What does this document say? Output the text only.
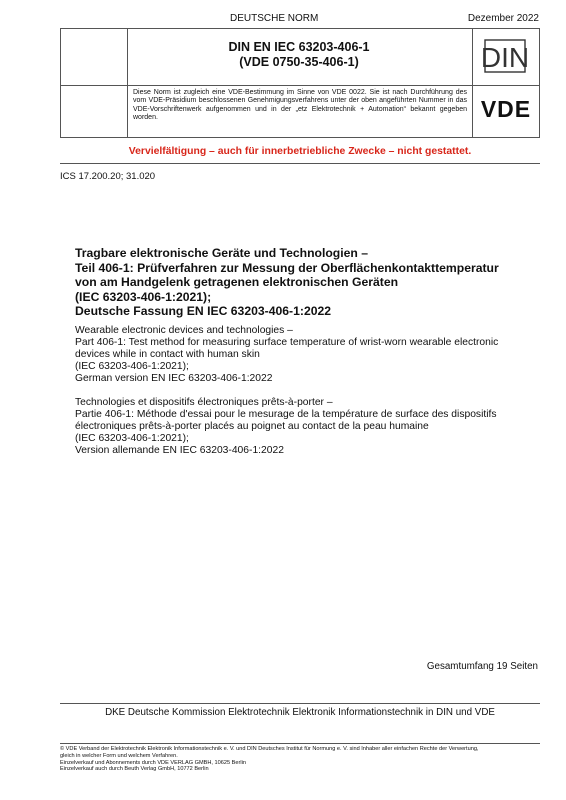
DEUTSCHE NORM	Dezember 2022
DIN EN IEC 63203-406-1
(VDE 0750-35-406-1)	DIN
Diese Norm ist zugleich eine VDE-Bestimmung im Sinne von VDE 0022. Sie ist nach Durchführung des vom VDE-Präsidium beschlossenen Genehmigungsverfahrens unter der oben angeführten Nummer in das VDE-Vorschriftenwerk aufgenommen und in der „etz Elektrotechnik + Automation“ bekannt gegeben worden.	VDE
Vervielfältigung – auch für innerbetriebliche Zwecke – nicht gestattet.
ICS 17.200.20; 31.020
Tragbare elektronische Geräte und Technologien –
Teil 406-1: Prüfverfahren zur Messung der Oberflächenkontakttemperatur
von am Handgelenk getragenen elektronischen Geräten
(IEC 63203-406-1:2021);
Deutsche Fassung EN IEC 63203-406-1:2022
Wearable electronic devices and technologies –
Part 406-1: Test method for measuring surface temperature of wrist-worn wearable electronic
devices while in contact with human skin
(IEC 63203-406-1:2021);
German version EN IEC 63203-406-1:2022
Technologies et dispositifs électroniques prêts-à-porter –
Partie 406-1: Méthode d'essai pour le mesurage de la température de surface des dispositifs
électroniques prêts-à-porter placés au poignet au contact de la peau humaine
(IEC 63203-406-1:2021);
Version allemande EN IEC 63203-406-1:2022
Gesamtumfang 19 Seiten
DKE Deutsche Kommission Elektrotechnik Elektronik Informationstechnik in DIN und VDE
© VDE Verband der Elektrotechnik Elektronik Informationstechnik e. V. und DIN Deutsches Institut für Normung e. V. sind Inhaber aller einfachen Rechte der Verwertung,
gleich in welcher Form und welchem Verfahren.
Einzelverkauf und Abonnements durch VDE VERLAG GMBH, 10625 Berlin
Einzelverkauf auch durch Beuth Verlag GmbH, 10772 Berlin
